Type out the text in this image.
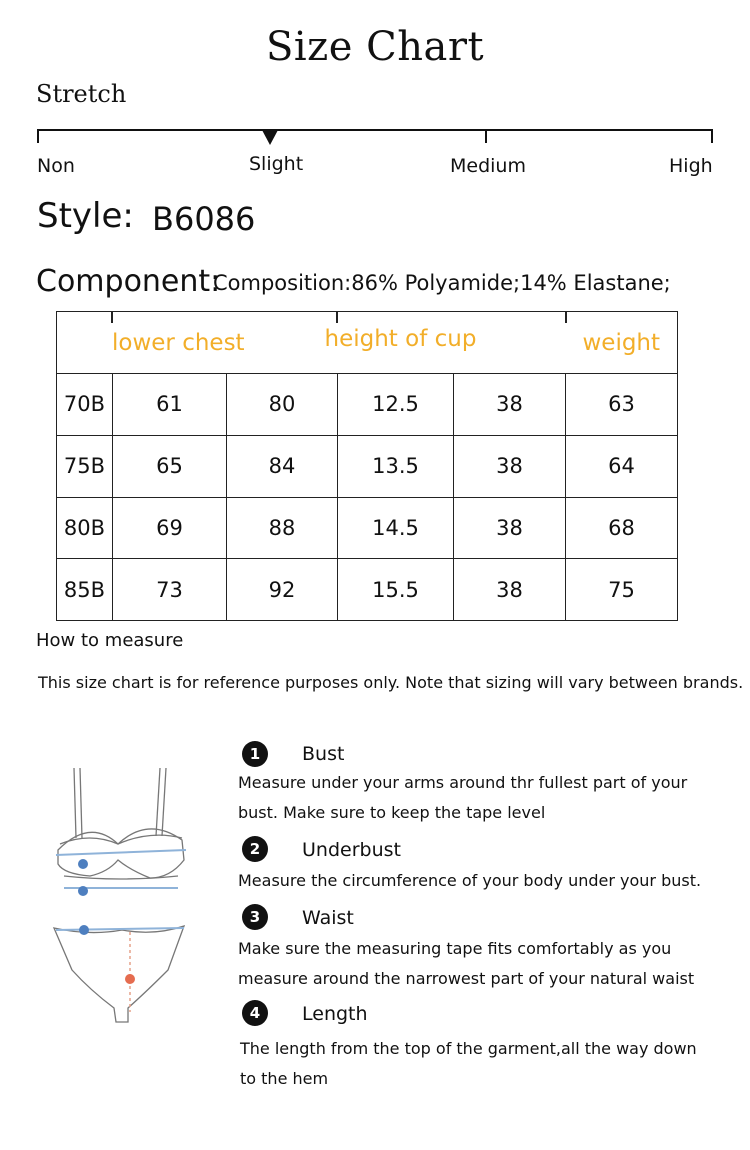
Size Chart
Stretch
Non	Slight	Medium	High
Style: B6086
Component:
Composition:86% Polyamide;14% Elastane;
lower chest			height of cup		weight
70B	61	80	12.5	38	63
75B	65	84	13.5	38	64
80B	69	88	14.5	38	68
85B	73	92	15.5	38	75
How to measure
This size chart is for reference purposes only. Note that sizing will vary between brands.
1	Bust
Measure under your arms around thr fullest part of your bust. Make sure to keep the tape level
2	Underbust
Measure the circumference of your body under your bust.
3	Waist
Make sure the measuring tape fits comfortably as you measure around the narrowest part of your natural waist
4	Length
The length from the top of the garment,all the way down to the hem
